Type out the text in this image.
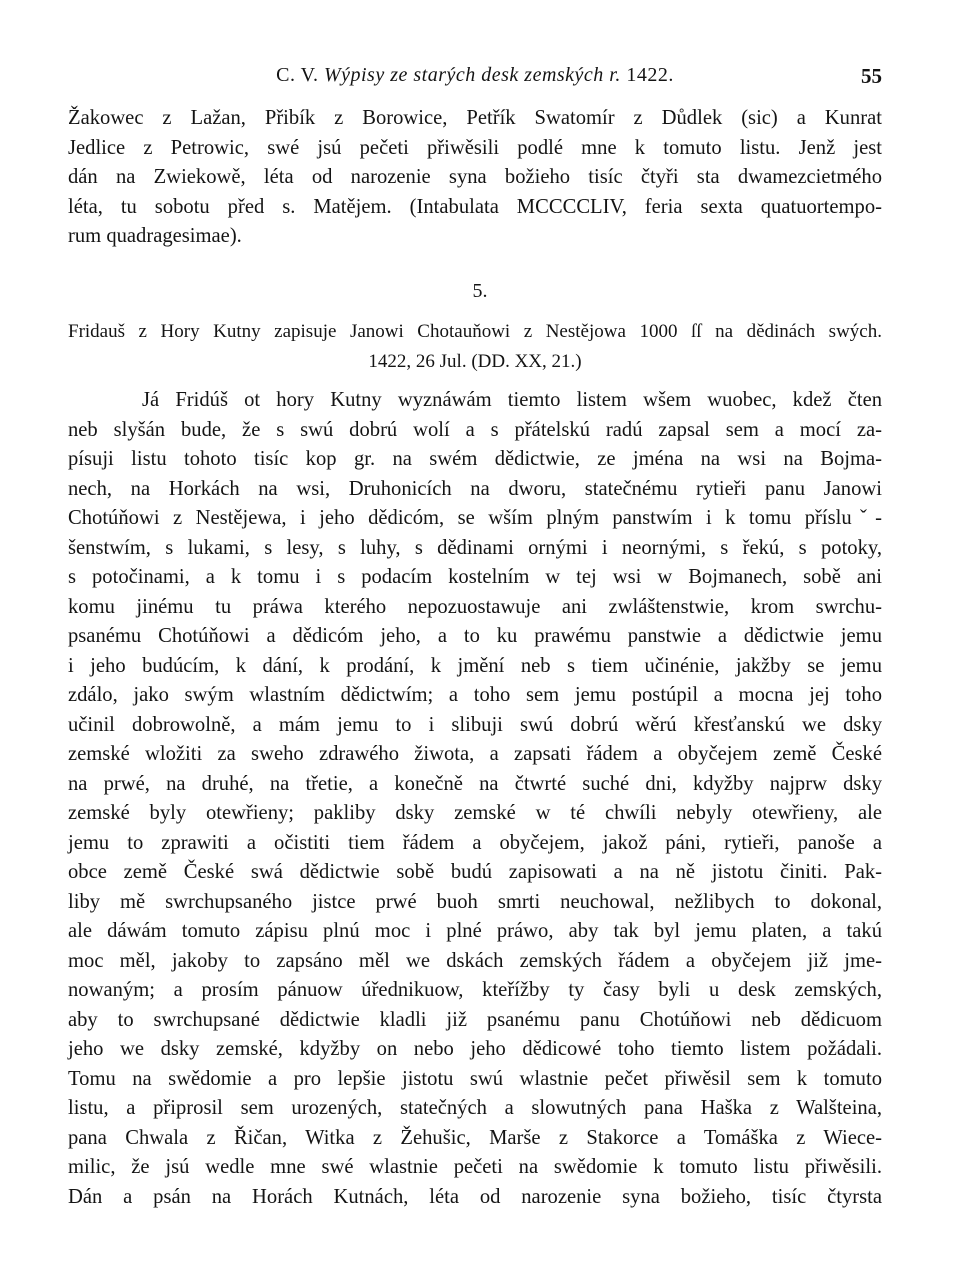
C. V. Wýpisy ze starých desk zemských r. 1422.	55
Žakowec z Lažan, Přibík z Borowice, Petřík Swatomír z Důdlek (sic) a Kunrat
Jedlice z Petrowic, swé jsú pečeti přiwěsili podlé mne k tomuto listu. Jenž jest
dán na Zwiekowě, léta od narozenie syna božieho tisíc čtyři sta dwamezcietmého
léta, tu sobotu před s. Matějem. (Intabulata MCCCCLIV, feria sexta quatuortempo-
rum quadragesimae).
5.
Fridauš z Hory Kutny zapisuje Janowi Chotauňowi z Nestějowa 1000 ſſ na dědinách swých.
1422, 26 Jul. (DD. XX, 21.)
Já Fridúš ot hory Kutny wyznáwám tiemto listem wšem wuobec, kdež čten
neb slyšán bude, že s swú dobrú wolí a s přátelskú radú zapsal sem a mocí za-
písuji listu tohoto tisíc kop gr. na swém dědictwie, ze jména na wsi na Bojma-
nech, na Horkách na wsi, Druhonicích na dworu, statečnému rytieři panu Janowi
Chotúňowi z Nestějewa, i jeho dědicóm, se wším plným panstwím i k tomu přísluˇ-
šenstwím, s lukami, s lesy, s luhy, s dědinami ornými i neornými, s řekú, s potoky,
s potočinami, a k tomu i s podacím kostelním w tej wsi w Bojmanech, sobě ani
komu jinému tu práwa kterého nepozuostawuje ani zwláštenstwie, krom swrchu-
psanému Chotúňowi a dědicóm jeho, a to ku prawému panstwie a dědictwie jemu
i jeho budúcím, k dání, k prodání, k jmění neb s tiem učinénie, jakžby se jemu
zdálo, jako swým wlastním dědictwím; a toho sem jemu postúpil a mocna jej toho
učinil dobrowolně, a mám jemu to i slibuji swú dobrú wěrú křesťanskú we dsky
zemské wložiti za sweho zdrawého žiwota, a zapsati řádem a obyčejem země České
na prwé, na druhé, na třetie, a konečně na čtwrté suché dni, kdyžby najprw dsky
zemské byly otewřieny; pakliby dsky zemské w té chwíli nebyly otewřieny, ale
jemu to zprawiti a očistiti tiem řádem a obyčejem, jakož páni, rytieři, panoše a
obce země České swá dědictwie sobě budú zapisowati a na ně jistotu činiti. Pak-
liby mě swrchupsaného jistce prwé buoh smrti neuchowal, nežlibych to dokonal,
ale dáwám tomuto zápisu plnú moc i plné práwo, aby tak byl jemu platen, a takú
moc měl, jakoby to zapsáno měl we dskách zemských řádem a obyčejem již jme-
nowaným; a prosím pánuow úřednikuow, kteřížby ty časy byli u desk zemských,
aby to swrchupsané dědictwie kladli již psanému panu Chotúňowi neb dědicuom
jeho we dsky zemské, kdyžby on nebo jeho dědicowé toho tiemto listem požádali.
Tomu na swědomie a pro lepšie jistotu swú wlastnie pečet přiwěsil sem k tomuto
listu, a připrosil sem urozených, statečných a slowutných pana Haška z Walšteina,
pana Chwala z Řičan, Witka z Žehušic, Marše z Stakorce a Tomáška z Wiece-
milic, že jsú wedle mne swé wlastnie pečeti na swědomie k tomuto listu přiwěsili.
Dán a psán na Horách Kutnách, léta od narozenie syna božieho, tisíc čtyrsta
